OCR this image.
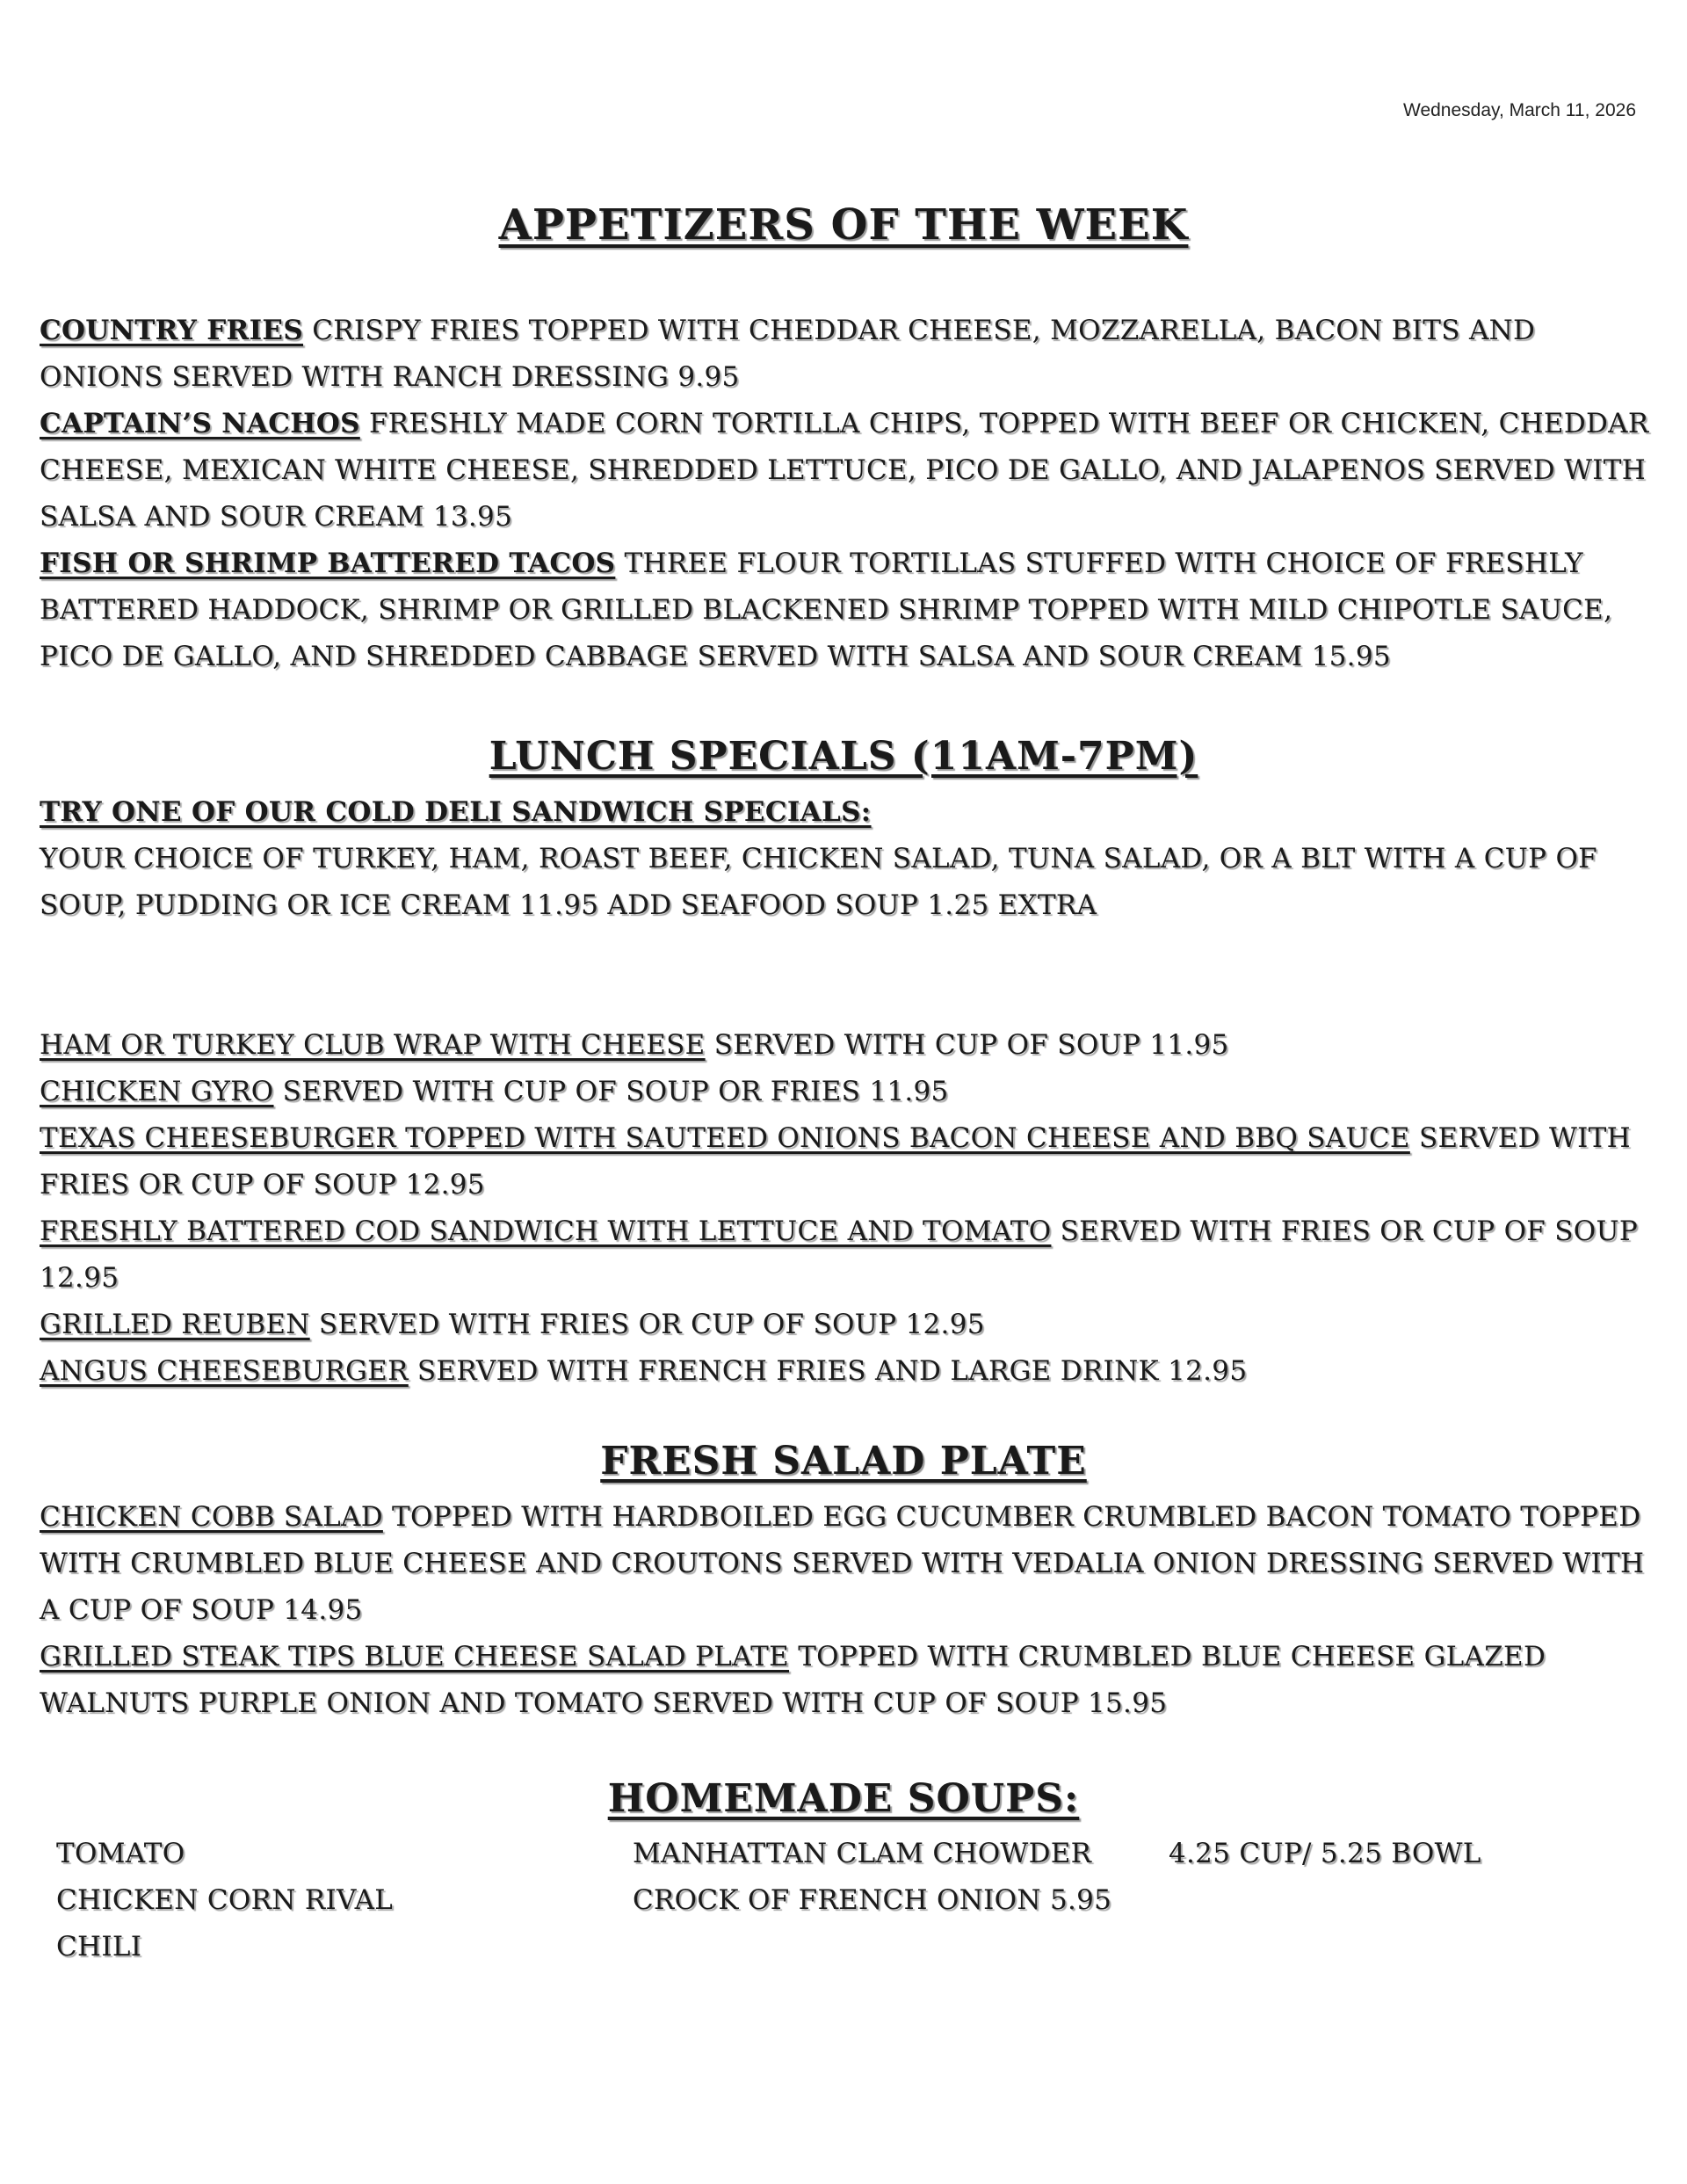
Wednesday, March 11, 2026
APPETIZERS OF THE WEEK

COUNTRY FRIES CRISPY FRIES TOPPED WITH CHEDDAR CHEESE, MOZZARELLA, BACON BITS AND ONIONS SERVED WITH RANCH DRESSING 9.95

CAPTAIN’S NACHOS FRESHLY MADE CORN TORTILLA CHIPS, TOPPED WITH BEEF OR CHICKEN, CHEDDAR CHEESE, MEXICAN WHITE CHEESE, SHREDDED LETTUCE, PICO DE GALLO, AND JALAPENOS SERVED WITH SALSA AND SOUR CREAM 13.95

FISH OR SHRIMP BATTERED TACOS THREE FLOUR TORTILLAS STUFFED WITH CHOICE OF FRESHLY BATTERED HADDOCK, SHRIMP OR GRILLED BLACKENED SHRIMP TOPPED WITH MILD CHIPOTLE SAUCE, PICO DE GALLO, AND SHREDDED CABBAGE SERVED WITH SALSA AND SOUR CREAM 15.95

LUNCH SPECIALS (11AM-7PM)

TRY ONE OF OUR COLD DELI SANDWICH SPECIALS:

YOUR CHOICE OF TURKEY, HAM, ROAST BEEF, CHICKEN SALAD, TUNA SALAD, OR A BLT WITH A CUP OF SOUP, PUDDING OR ICE CREAM 11.95 ADD SEAFOOD SOUP 1.25 EXTRA

HAM OR TURKEY CLUB WRAP WITH CHEESE SERVED WITH CUP OF SOUP 11.95

CHICKEN GYRO SERVED WITH CUP OF SOUP OR FRIES 11.95

TEXAS CHEESEBURGER TOPPED WITH SAUTEED ONIONS BACON CHEESE AND BBQ SAUCE SERVED WITH FRIES OR CUP OF SOUP 12.95

FRESHLY BATTERED COD SANDWICH WITH LETTUCE AND TOMATO SERVED WITH FRIES OR CUP OF SOUP 12.95

GRILLED REUBEN SERVED WITH FRIES OR CUP OF SOUP 12.95

ANGUS CHEESEBURGER SERVED WITH FRENCH FRIES AND LARGE DRINK 12.95

FRESH SALAD PLATE

CHICKEN COBB SALAD TOPPED WITH HARDBOILED EGG CUCUMBER CRUMBLED BACON TOMATO TOPPED WITH CRUMBLED BLUE CHEESE AND CROUTONS SERVED WITH VEDALIA ONION DRESSING SERVED WITH A CUP OF SOUP 14.95

GRILLED STEAK TIPS BLUE CHEESE SALAD PLATE TOPPED WITH CRUMBLED BLUE CHEESE GLAZED WALNUTS PURPLE ONION AND TOMATO SERVED WITH CUP OF SOUP 15.95

HOMEMADE SOUPS:
TOMATO
CHICKEN CORN RIVAL
CHILI
MANHATTAN CLAM CHOWDER
CROCK OF FRENCH ONION 5.95
4.25 CUP/ 5.25 BOWL
